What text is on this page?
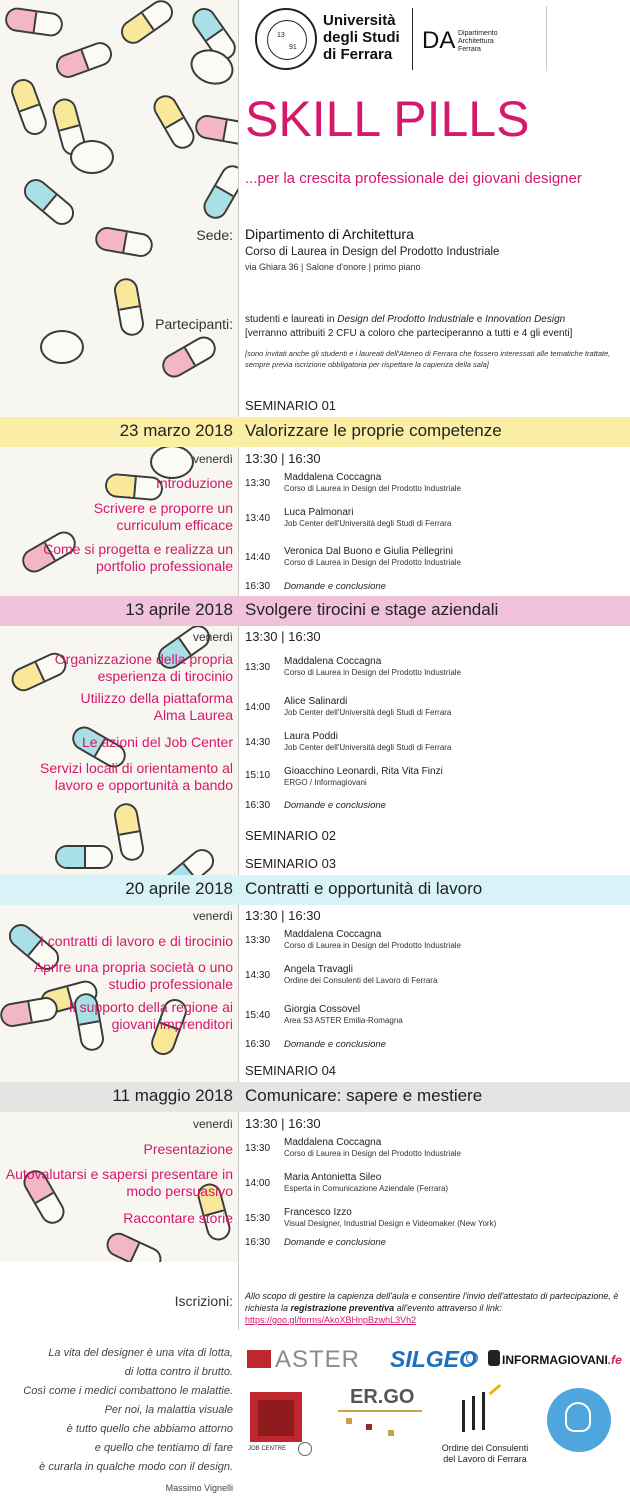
13
91
Università
degli Studi
di Ferrara
DA Dipartimento
Architettura
Ferrara
SKILL PILLS
...per la crescita professionale dei giovani designer
Sede: Dipartimento di Architettura
Corso di Laurea in Design del Prodotto Industriale
via Ghiara 36 | Salone d'onore | primo piano
Partecipanti: studenti e laureati in Design del Prodotto Industriale e Innovation Design
[verranno attribuiti 2 CFU a coloro che parteciperanno a tutti e 4 gli eventi]
[sono invitati anche gli studenti e i laureati dell'Ateneo di Ferrara che fossero interessati alle tematiche trattate, sempre previa iscrizione obbligatoria per rispettare la capienza della sala]
SEMINARIO 01
23 marzo 2018 Valorizzare le proprie competenze
venerdì 13:30 | 16:30
Introduzione
Scrivere e proporre un curriculum efficace
Come si progetta e realizza un portfolio professionale
13:30
Maddalena Coccagna
Corso di Laurea in Design del Prodotto Industriale
13:40
Luca Palmonari
Job Center dell'Università degli Studi di Ferrara
14:40
Veronica Dal Buono e Giulia Pellegrini
Corso di Laurea in Design del Prodotto Industriale
16:30 Domande e conclusione
13 aprile 2018 Svolgere tirocini e stage aziendali
venerdì 13:30 | 16:30
Organizzazione della propria esperienza di tirocinio
Utilizzo della piattaforma Alma Laurea
Le azioni del Job Center
Servizi locali di orientamento al lavoro e opportunità a bando
13:30
Maddalena Coccagna
Corso di Laurea in Design del Prodotto Industriale
14:00
Alice Salinardi
Job Center dell'Università degli Studi di Ferrara
14:30
Laura Poddi
Job Center dell'Università degli Studi di Ferrara
15:10 Gioacchino Leonardi, Rita Vita Finzi
ERGO / Informagiovani
16:30 Domande e conclusione
SEMINARIO 02
SEMINARIO 03
20 aprile 2018 Contratti e opportunità di lavoro
venerdì 13:30 | 16:30
I contratti di lavoro e di tirocinio
Aprire una propria società o uno studio professionale
Il supporto della regione ai giovani imprenditori
13:30
Maddalena Coccagna
Corso di Laurea in Design del Prodotto Industriale
14:30
Angela Travagli
Ordine dei Consulenti del Lavoro di Ferrara
15:40
Giorgia Cossovel
Area S3 ASTER Emilia-Romagna
16:30 Domande e conclusione
SEMINARIO 04
11 maggio 2018 Comunicare: sapere e mestiere
venerdì 13:30 | 16:30
Presentazione
Autovalutarsi e sapersi presentare in modo persuasivo
Raccontare storie
13:30
Maddalena Coccagna
Corso di Laurea in Design del Prodotto Industriale
14:00
Maria Antonietta Sileo
Esperta in Comunicazione Aziendale (Ferrara)
15:30
Francesco Izzo
Visual Designer, Industrial Design e Videomaker (New York)
16:30 Domande e conclusione
Iscrizioni: Allo scopo di gestire la capienza dell'aula e consentire l'invio dell'attestato di partecipazione, è richiesta la registrazione preventiva all'evento attraverso il link:
https://goo.gl/forms/AkoXBHnpBzwhL3Vh2
La vita del designer è una vita di lotta,
di lotta contro il brutto.
Così come i medici combattono le malattie.
Per noi, la malattia visuale
è tutto quello che abbiamo attorno
e quello che tentiamo di fare
è curarla in qualche modo con il design.
Massimo Vignelli
ASTER SILGEO INFORMAGIOVANI.fe
JOB CENTRE
ER.GO
Ordine dei Consulenti
del Lavoro di Ferrara
